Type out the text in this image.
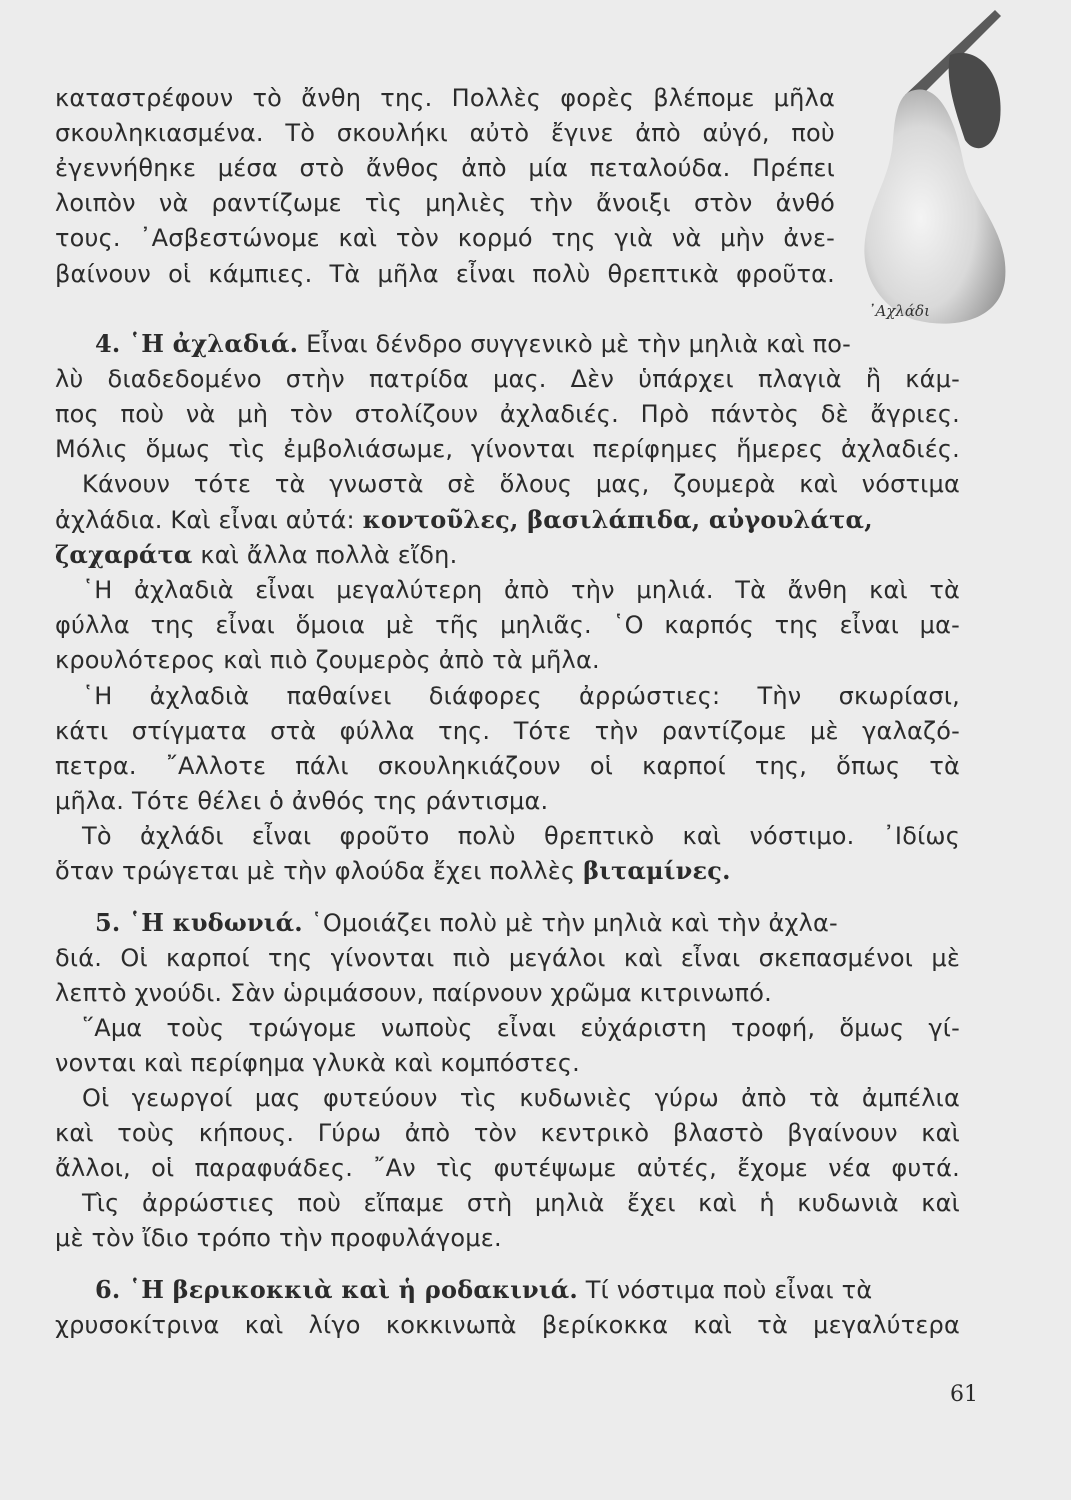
᾿Αχλάδι
καταστρέφουν τὸ ἄνθη της. Πολλὲς φορὲς βλέπομε μῆλα
σκουληκιασμένα. Τὸ σκουλήκι αὐτὸ ἔγινε ἀπὸ αὐγό, ποὺ
ἐγεννήθηκε μέσα στὸ ἄνθος ἀπὸ μία πεταλούδα. Πρέπει
λοιπὸν νὰ ραντίζωμε τὶς μηλιὲς τὴν ἄνοιξι στὸν ἀνθό
τους. ᾿Ασβεστώνομε καὶ τὸν κορμό της γιὰ νὰ μὴν ἀνε-
βαίνουν οἱ κάμπιες. Τὰ μῆλα εἶναι πολὺ θρεπτικὰ φροῦτα.
4. ῾Η ἀχλαδιά. Εἶναι δένδρο συγγενικὸ μὲ τὴν μηλιὰ καὶ πο-
λὺ διαδεδομένο στὴν πατρίδα μας. Δὲν ὑπάρχει πλαγιὰ ἢ κάμ-
πος ποὺ νὰ μὴ τὸν στολίζουν ἀχλαδιές. Πρὸ πάντὸς δὲ ἄγριες.
Μόλις ὅμως τὶς ἐμβολιάσωμε, γίνονται περίφημες ἥμερες ἀχλαδιές.
Κάνουν τότε τὰ γνωστὰ σὲ ὅλους μας, ζουμερὰ καὶ νόστιμα
ἀχλάδια. Καὶ εἶναι αὐτά: κοντοῦλες, βασιλάπιδα, αὐγουλάτα,
ζαχαράτα καὶ ἄλλα πολλὰ εἴδη.
῾Η ἀχλαδιὰ εἶναι μεγαλύτερη ἀπὸ τὴν μηλιά. Τὰ ἄνθη καὶ τὰ
φύλλα της εἶναι ὅμοια μὲ τῆς μηλιᾶς. ῾Ο καρπός της εἶναι μα-
κρουλότερος καὶ πιὸ ζουμερὸς ἀπὸ τὰ μῆλα.
῾Η ἀχλαδιὰ παθαίνει διάφορες ἀρρώστιες: Τὴν σκωρίασι,
κάτι στίγματα στὰ φύλλα της. Τότε τὴν ραντίζομε μὲ γαλαζό-
πετρα. ῎Αλλοτε πάλι σκουληκιάζουν οἱ καρποί της, ὅπως τὰ
μῆλα. Τότε θέλει ὁ ἀνθός της ράντισμα.
Τὸ ἀχλάδι εἶναι φροῦτο πολὺ θρεπτικὸ καὶ νόστιμο. ᾿Ιδίως
ὅταν τρώγεται μὲ τὴν φλούδα ἔχει πολλὲς βιταμίνες.
5. ῾Η κυδωνιά. ῾Ομοιάζει πολὺ μὲ τὴν μηλιὰ καὶ τὴν ἀχλα-
διά. Οἱ καρποί της γίνονται πιὸ μεγάλοι καὶ εἶναι σκεπασμένοι μὲ
λεπτὸ χνούδι. Σὰν ὡριμάσουν, παίρνουν χρῶμα κιτρινωπό.
῞Αμα τοὺς τρώγομε νωποὺς εἶναι εὐχάριστη τροφή, ὅμως γί-
νονται καὶ περίφημα γλυκὰ καὶ κομπόστες.
Οἱ γεωργοί μας φυτεύουν τὶς κυδωνιὲς γύρω ἀπὸ τὰ ἀμπέλια
καὶ τοὺς κήπους. Γύρω ἀπὸ τὸν κεντρικὸ βλαστὸ βγαίνουν καὶ
ἄλλοι, οἱ παραφυάδες. ῎Αν τὶς φυτέψωμε αὐτές, ἔχομε νέα φυτά.
Τὶς ἀρρώστιες ποὺ εἴπαμε στὴ μηλιὰ ἔχει καὶ ἡ κυδωνιὰ καὶ
μὲ τὸν ἴδιο τρόπο τὴν προφυλάγομε.
6. ῾Η βερικοκκιὰ καὶ ἡ ροδακινιά. Τί νόστιμα ποὺ εἶναι τὰ
χρυσοκίτρινα καὶ λίγο κοκκινωπὰ βερίκοκκα καὶ τὰ μεγαλύτερα
61
